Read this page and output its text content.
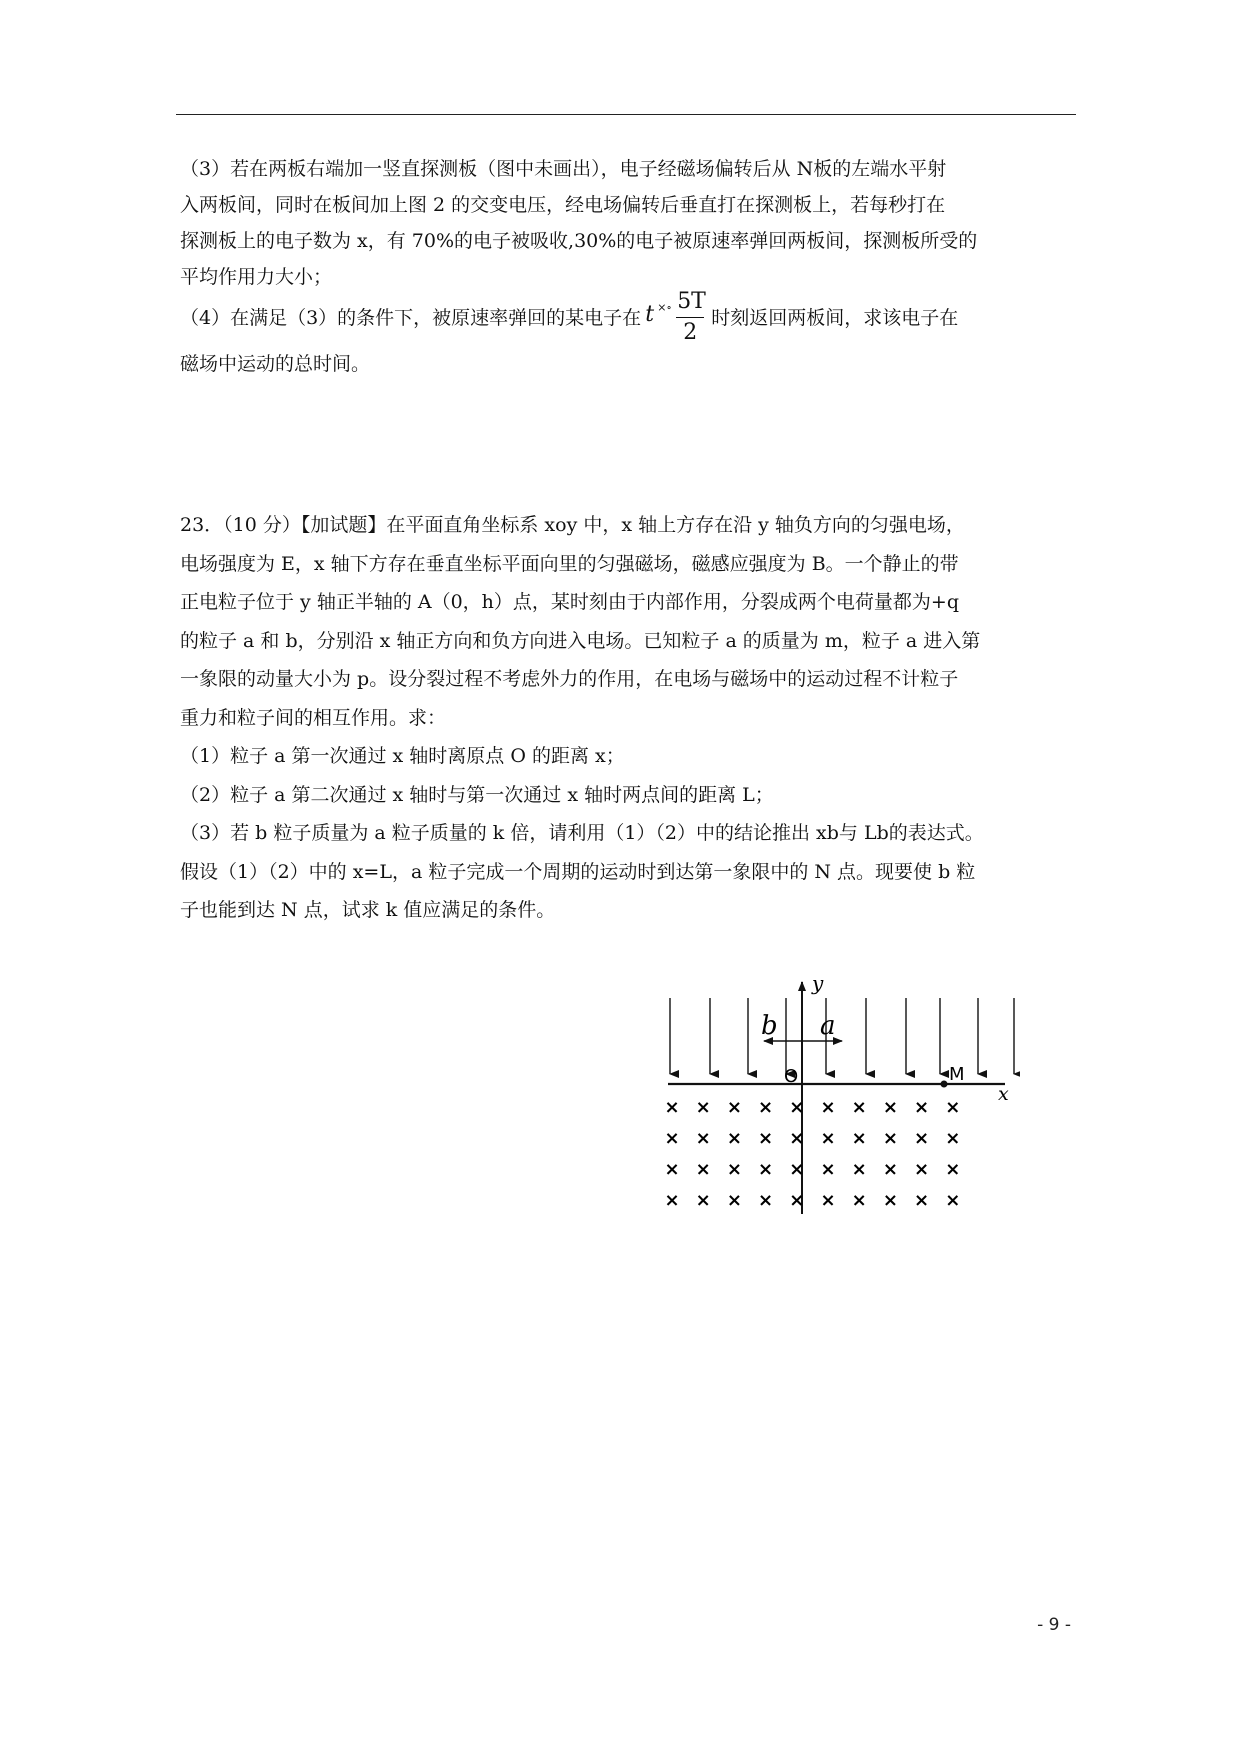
（3）若在两板右端加一竖直探测板（图中未画出），电子经磁场偏转后从 N板的左端水平射
入两板间，同时在板间加上图 2 的交变电压，经电场偏转后垂直打在探测板上，若每秒打在
探测板上的电子数为 x，有 70%的电子被吸收,30%的电子被原速率弹回两板间，探测板所受的
平均作用力大小；
（4）在满足（3）的条件下，被原速率弹回的某电子在 t ×∘ 5T
2
时刻返回两板间，求该电子在
磁场中运动的总时间。
23．（10 分）【加试题】在平面直角坐标系 xoy 中，x 轴上方存在沿 y 轴负方向的匀强电场，
电场强度为 E，x 轴下方存在垂直坐标平面向里的匀强磁场，磁感应强度为 B。一个静止的带
正电粒子位于 y 轴正半轴的 A（0，h）点，某时刻由于内部作用，分裂成两个电荷量都为+q
的粒子 a 和 b，分别沿 x 轴正方向和负方向进入电场。已知粒子 a 的质量为 m，粒子 a 进入第
一象限的动量大小为 p。设分裂过程不考虑外力的作用，在电场与磁场中的运动过程不计粒子
重力和粒子间的相互作用。求：
（1）粒子 a 第一次通过 x 轴时离原点 O 的距离 x；
（2）粒子 a 第二次通过 x 轴时与第一次通过 x 轴时两点间的距离 L；
（3）若 b 粒子质量为 a 粒子质量的 k 倍，请利用（1）（2）中的结论推出 xb与 Lb的表达式。
假设（1）（2）中的 x=L，a 粒子完成一个周期的运动时到达第一象限中的 N 点。现要使 b 粒
子也能到达 N 点，试求 k 值应满足的条件。
y
x
O	M
b a
× × × × × × × × × ×
× × × × × × × × × ×
× × × × × × × × × ×
× × × × × × × × × ×
- 9 -
